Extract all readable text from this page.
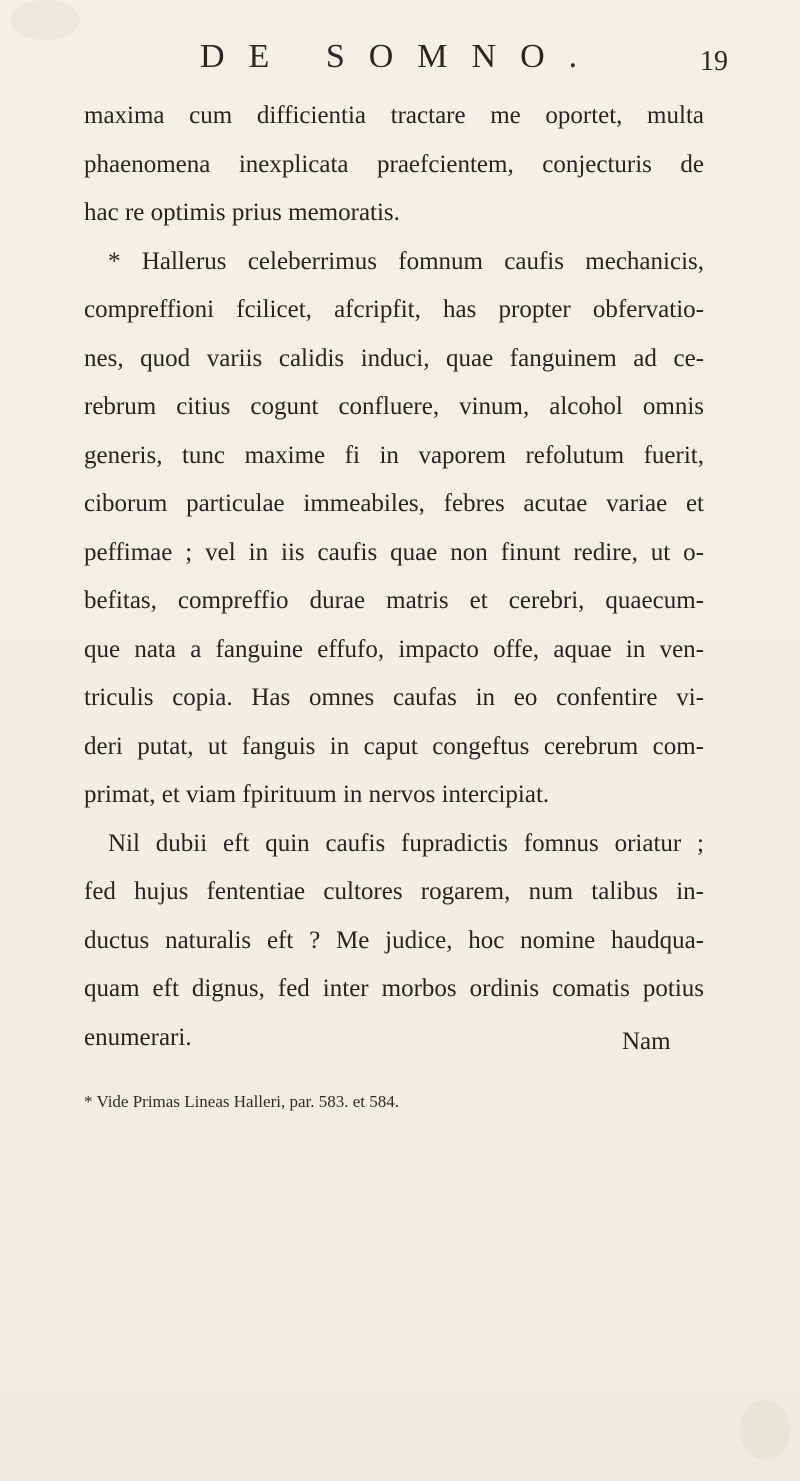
DE SOMNO.	19
maxima cum difficientia tractare me oportet, multa
phaenomena inexplicata praefcientem, conjecturis de
hac re optimis prius memoratis.
* Hallerus celeberrimus fomnum caufis mechanicis,
compreffioni fcilicet, afcripfit, has propter obfervatio-
nes, quod variis calidis induci, quae fanguinem ad ce-
rebrum citius cogunt confluere, vinum, alcohol omnis
generis, tunc maxime fi in vaporem refolutum fuerit,
ciborum particulae immeabiles, febres acutae variae et
peffimae ; vel in iis caufis quae non finunt redire, ut o-
befitas, compreffio durae matris et cerebri, quaecum-
que nata a fanguine effufo, impacto offe, aquae in ven-
triculis copia. Has omnes caufas in eo confentire vi-
deri putat, ut fanguis in caput congeftus cerebrum com-
primat, et viam fpirituum in nervos intercipiat.
Nil dubii eft quin caufis fupradictis fomnus oriatur ;
fed hujus fententiae cultores rogarem, num talibus in-
ductus naturalis eft ? Me judice, hoc nomine haudqua-
quam eft dignus, fed inter morbos ordinis comatis potius
enumerari.	Nam
* Vide Primas Lineas Halleri, par. 583. et 584.
